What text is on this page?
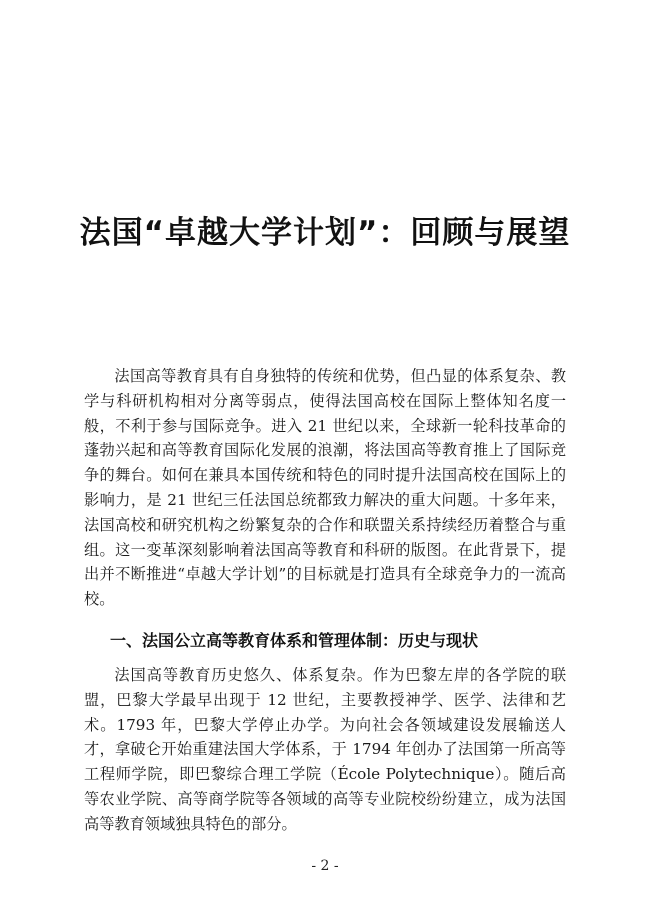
法国“卓越大学计划”：回顾与展望

法国高等教育具有自身独特的传统和优势，但凸显的体系复杂、教学与科研机构相对分离等弱点，使得法国高校在国际上整体知名度一般，不利于参与国际竞争。进入 21 世纪以来，全球新一轮科技革命的蓬勃兴起和高等教育国际化发展的浪潮，将法国高等教育推上了国际竞争的舞台。如何在兼具本国传统和特色的同时提升法国高校在国际上的影响力，是 21 世纪三任法国总统都致力解决的重大问题。十多年来，法国高校和研究机构之纷繁复杂的合作和联盟关系持续经历着整合与重组。这一变革深刻影响着法国高等教育和科研的版图。在此背景下，提出并不断推进“卓越大学计划”的目标就是打造具有全球竞争力的一流高校。

一、法国公立高等教育体系和管理体制：历史与现状

法国高等教育历史悠久、体系复杂。作为巴黎左岸的各学院的联盟，巴黎大学最早出现于 12 世纪，主要教授神学、医学、法律和艺术。1793 年，巴黎大学停止办学。为向社会各领域建设发展输送人才，拿破仑开始重建法国大学体系，于 1794 年创办了法国第一所高等工程师学院，即巴黎综合理工学院（École Polytechnique）。随后高等农业学院、高等商学院等各领域的高等专业院校纷纷建立，成为法国高等教育领域独具特色的部分。

- 2 -
